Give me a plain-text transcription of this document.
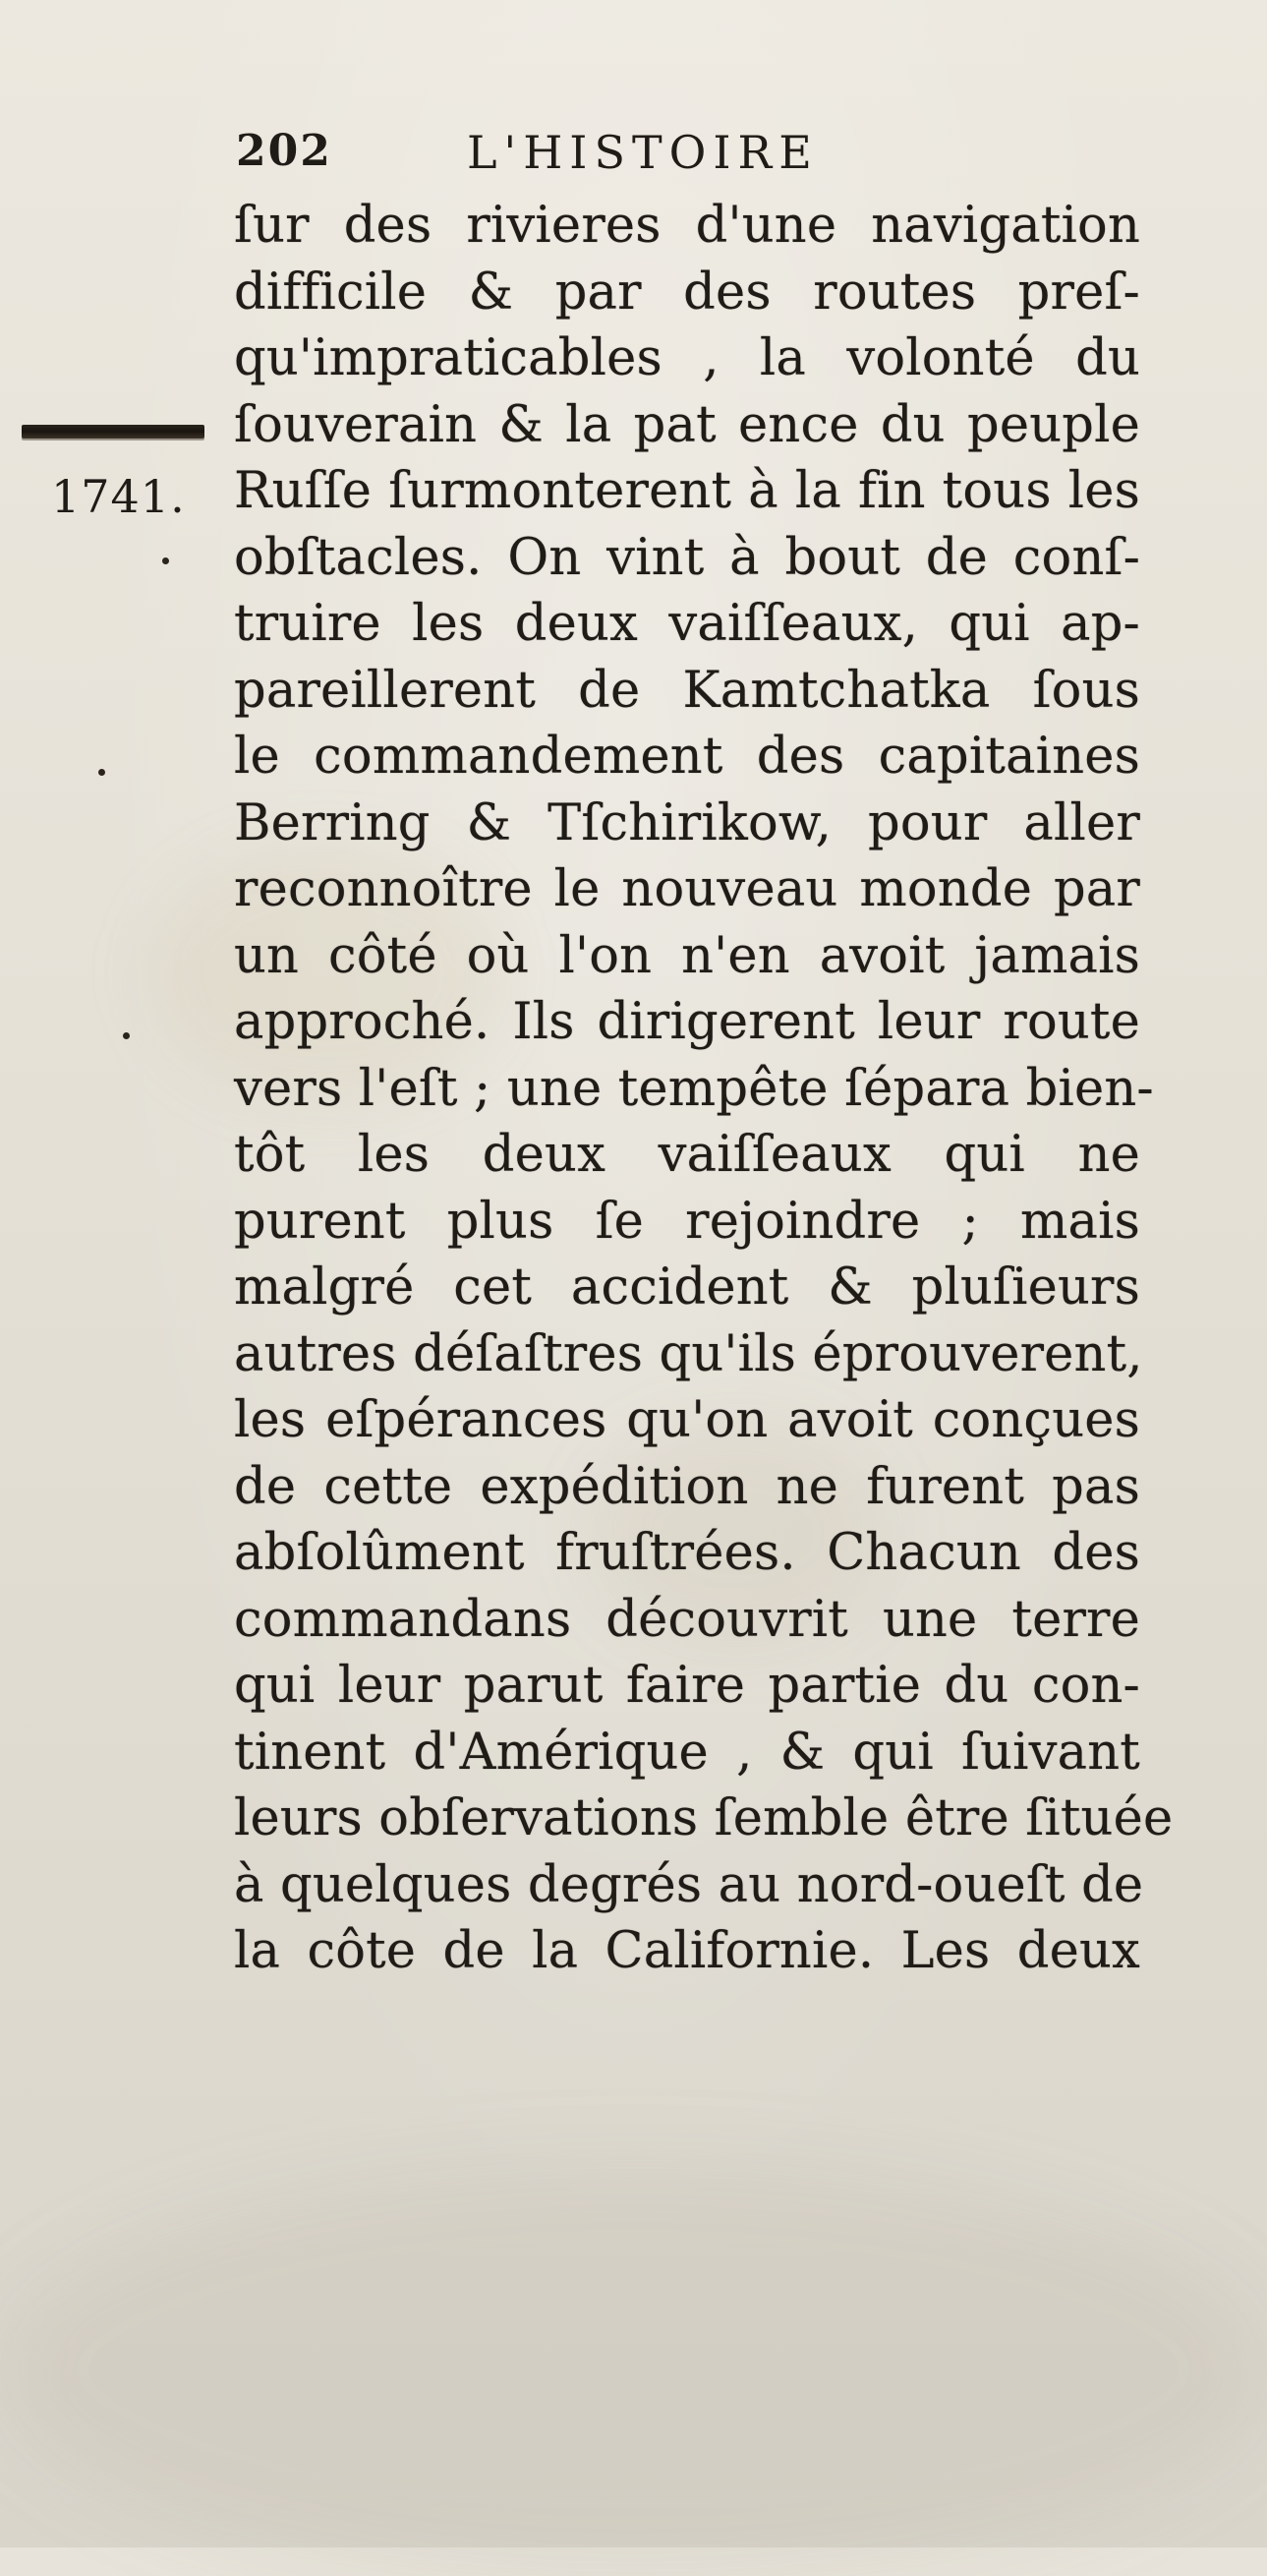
202	L'HISTOIRE
1741.
ſur des rivieres d'une navigation
difficile & par des routes preſ-
qu'impraticables , la volonté du
ſouverain & la pat ence du peuple
Ruſſe ſurmonterent à la fin tous les
obſtacles. On vint à bout de conſ-
truire les deux vaiſſeaux, qui ap-
pareillerent de Kamtchatka ſous
le commandement des capitaines
Berring & Tſchirikow, pour aller
reconnoître le nouveau monde par
un côté où l'on n'en avoit jamais
approché. Ils dirigerent leur route
vers l'eſt ; une tempête ſépara bien-
tôt les deux vaiſſeaux qui ne
purent plus ſe rejoindre ; mais
malgré cet accident & pluſieurs
autres déſaſtres qu'ils éprouverent,
les eſpérances qu'on avoit conçues
de cette expédition ne furent pas
abſolûment fruſtrées. Chacun des
commandans découvrit une terre
qui leur parut faire partie du con-
tinent d'Amérique , & qui ſuivant
leurs obſervations ſemble être ſituée
à quelques degrés au nord-oueſt de
la côte de la Californie. Les deux
